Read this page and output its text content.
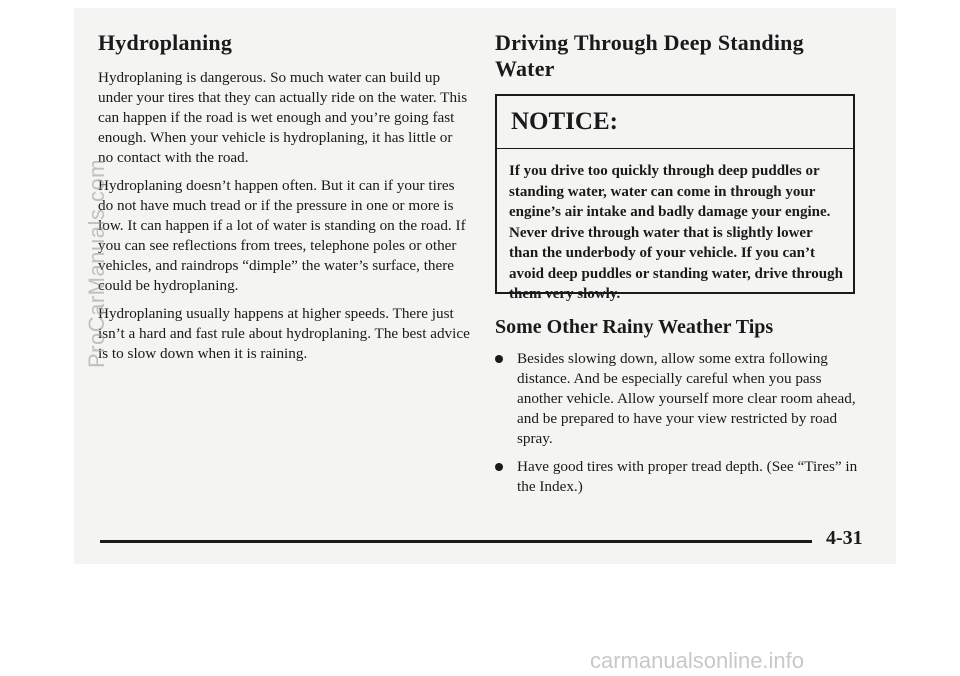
Hydroplaning

Hydroplaning is dangerous. So much water can build up under your tires that they can actually ride on the water. This can happen if the road is wet enough and you’re going fast enough. When your vehicle is hydroplaning, it has little or no contact with the road.

Hydroplaning doesn’t happen often. But it can if your tires do not have much tread or if the pressure in one or more is low. It can happen if a lot of water is standing on the road. If you can see reflections from trees, telephone poles or other vehicles, and raindrops “dimple” the water’s surface, there could be hydroplaning.

Hydroplaning usually happens at higher speeds. There just isn’t a hard and fast rule about hydroplaning. The best advice is to slow down when it is raining.

Driving Through Deep Standing Water
NOTICE:
If you drive too quickly through deep puddles or standing water, water can come in through your engine’s air intake and badly damage your engine. Never drive through water that is slightly lower than the underbody of your vehicle. If you can’t avoid deep puddles or standing water, drive through them very slowly.
Some Other Rainy Weather Tips
Besides slowing down, allow some extra following distance. And be especially careful when you pass another vehicle. Allow yourself more clear room ahead, and be prepared to have your view restricted by road spray.
Have good tires with proper tread depth. (See “Tires” in the Index.)
4-31
ProCarManuals.com
carmanualsonline.info
